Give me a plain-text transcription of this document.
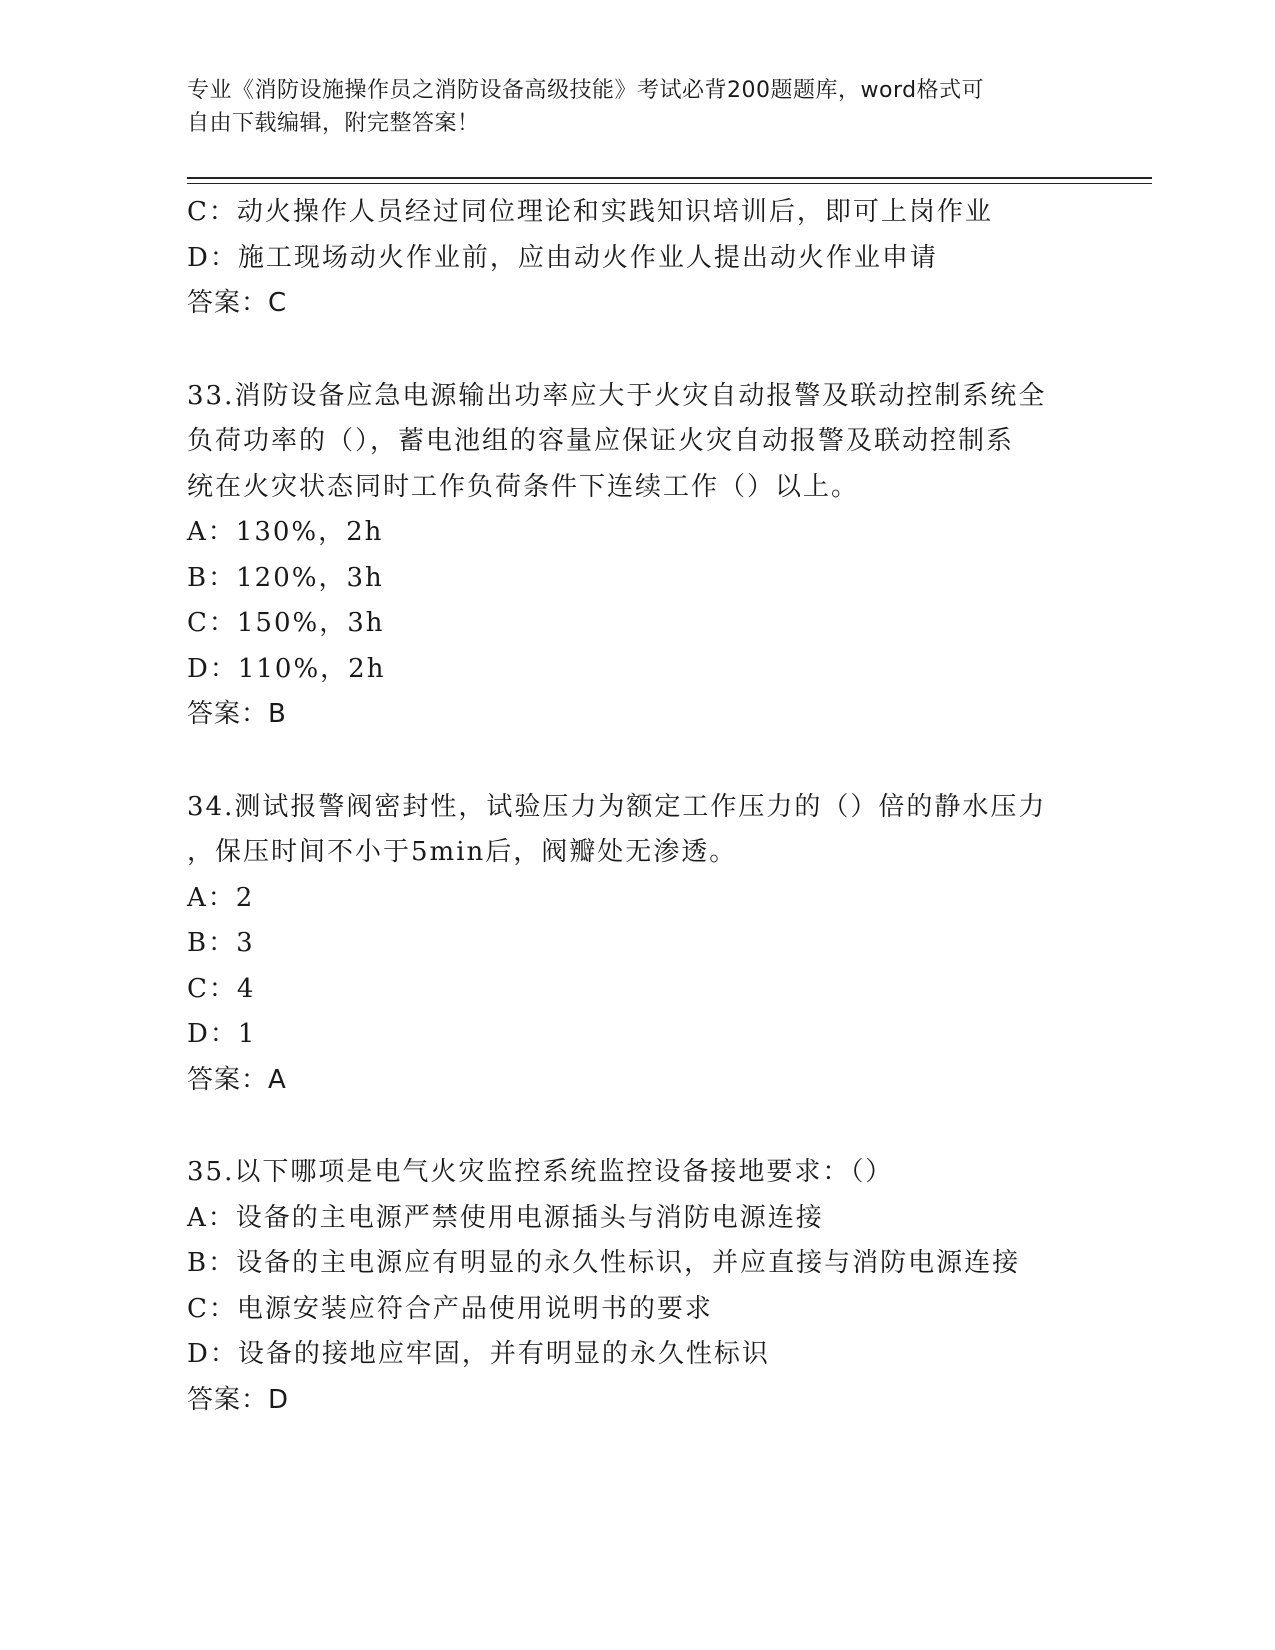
专业《消防设施操作员之消防设备高级技能》考试必背200题题库，word格式可
自由下载编辑，附完整答案！
C：动火操作人员经过同位理论和实践知识培训后，即可上岗作业
D：施工现场动火作业前，应由动火作业人提出动火作业申请
答案：C
33.消防设备应急电源输出功率应大于火灾自动报警及联动控制系统全
负荷功率的（），蓄电池组的容量应保证火灾自动报警及联动控制系
统在火灾状态同时工作负荷条件下连续工作（）以上。
A：130%，2h
B：120%，3h
C：150%，3h
D：110%，2h
答案：B
34.测试报警阀密封性，试验压力为额定工作压力的（）倍的静水压力
，保压时间不小于5min后，阀瓣处无渗透。
A：2
B：3
C：4
D：1
答案：A
35.以下哪项是电气火灾监控系统监控设备接地要求：（）
A：设备的主电源严禁使用电源插头与消防电源连接
B：设备的主电源应有明显的永久性标识，并应直接与消防电源连接
C：电源安装应符合产品使用说明书的要求
D：设备的接地应牢固，并有明显的永久性标识
答案：D
